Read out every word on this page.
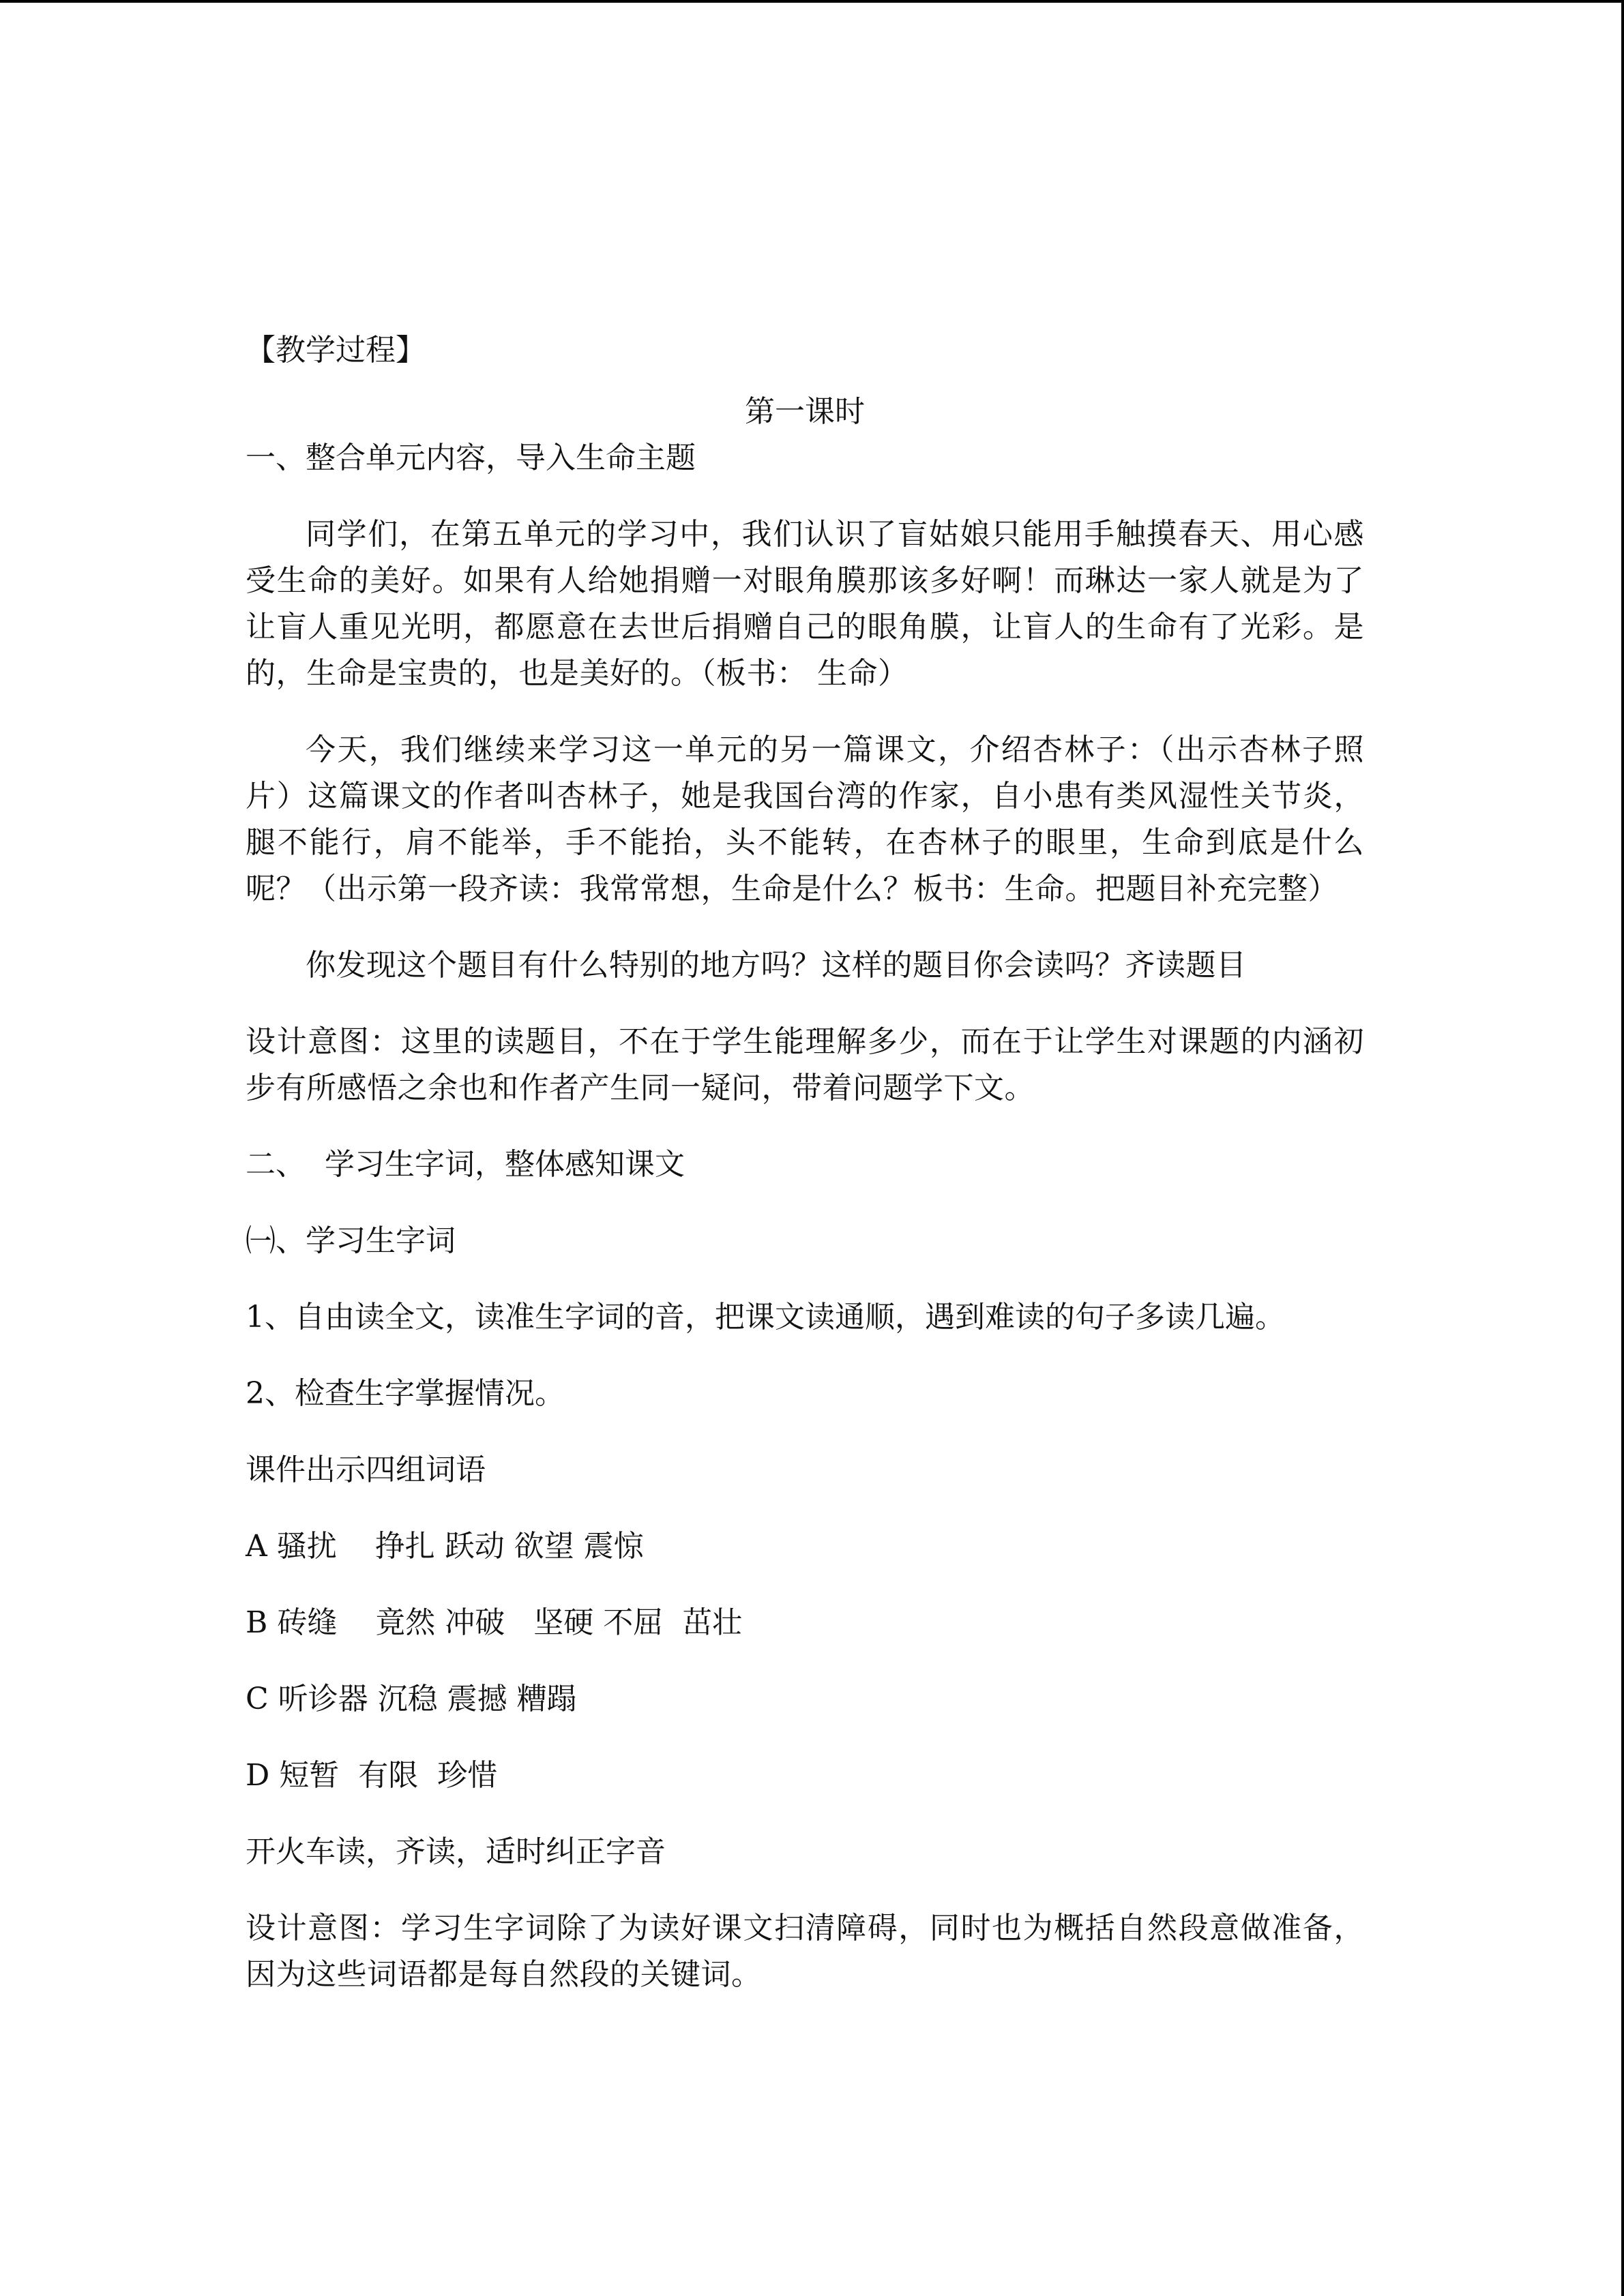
【教学过程】

第一课时

一、整合单元内容，导入生命主题

同学们，在第五单元的学习中，我们认识了盲姑娘只能用手触摸春天、用心感受生命的美好。如果有人给她捐赠一对眼角膜那该多好啊！而琳达一家人就是为了让盲人重见光明，都愿意在去世后捐赠自己的眼角膜，让盲人的生命有了光彩。是的，生命是宝贵的，也是美好的。（板书： 生命）

今天，我们继续来学习这一单元的另一篇课文，介绍杏林子：（出示杏林子照片）这篇课文的作者叫杏林子，她是我国台湾的作家，自小患有类风湿性关节炎，腿不能行，肩不能举，手不能抬，头不能转，在杏林子的眼里，生命到底是什么呢？（出示第一段齐读：我常常想，生命是什么？板书：生命。把题目补充完整）

你发现这个题目有什么特别的地方吗？这样的题目你会读吗？齐读题目

设计意图：这里的读题目，不在于学生能理解多少，而在于让学生对课题的内涵初步有所感悟之余也和作者产生同一疑问，带着问题学下文。

二、  学习生字词，整体感知课文

㈠、学习生字词

1、自由读全文，读准生字词的音，把课文读通顺，遇到难读的句子多读几遍。

2、检查生字掌握情况。

课件出示四组词语

A 骚扰    挣扎 跃动 欲望 震惊

B 砖缝    竟然 冲破   坚硬 不屈  茁壮

C 听诊器 沉稳 震撼 糟蹋

D 短暂  有限  珍惜

开火车读，齐读，适时纠正字音

设计意图：学习生字词除了为读好课文扫清障碍，同时也为概括自然段意做准备，因为这些词语都是每自然段的关键词。
